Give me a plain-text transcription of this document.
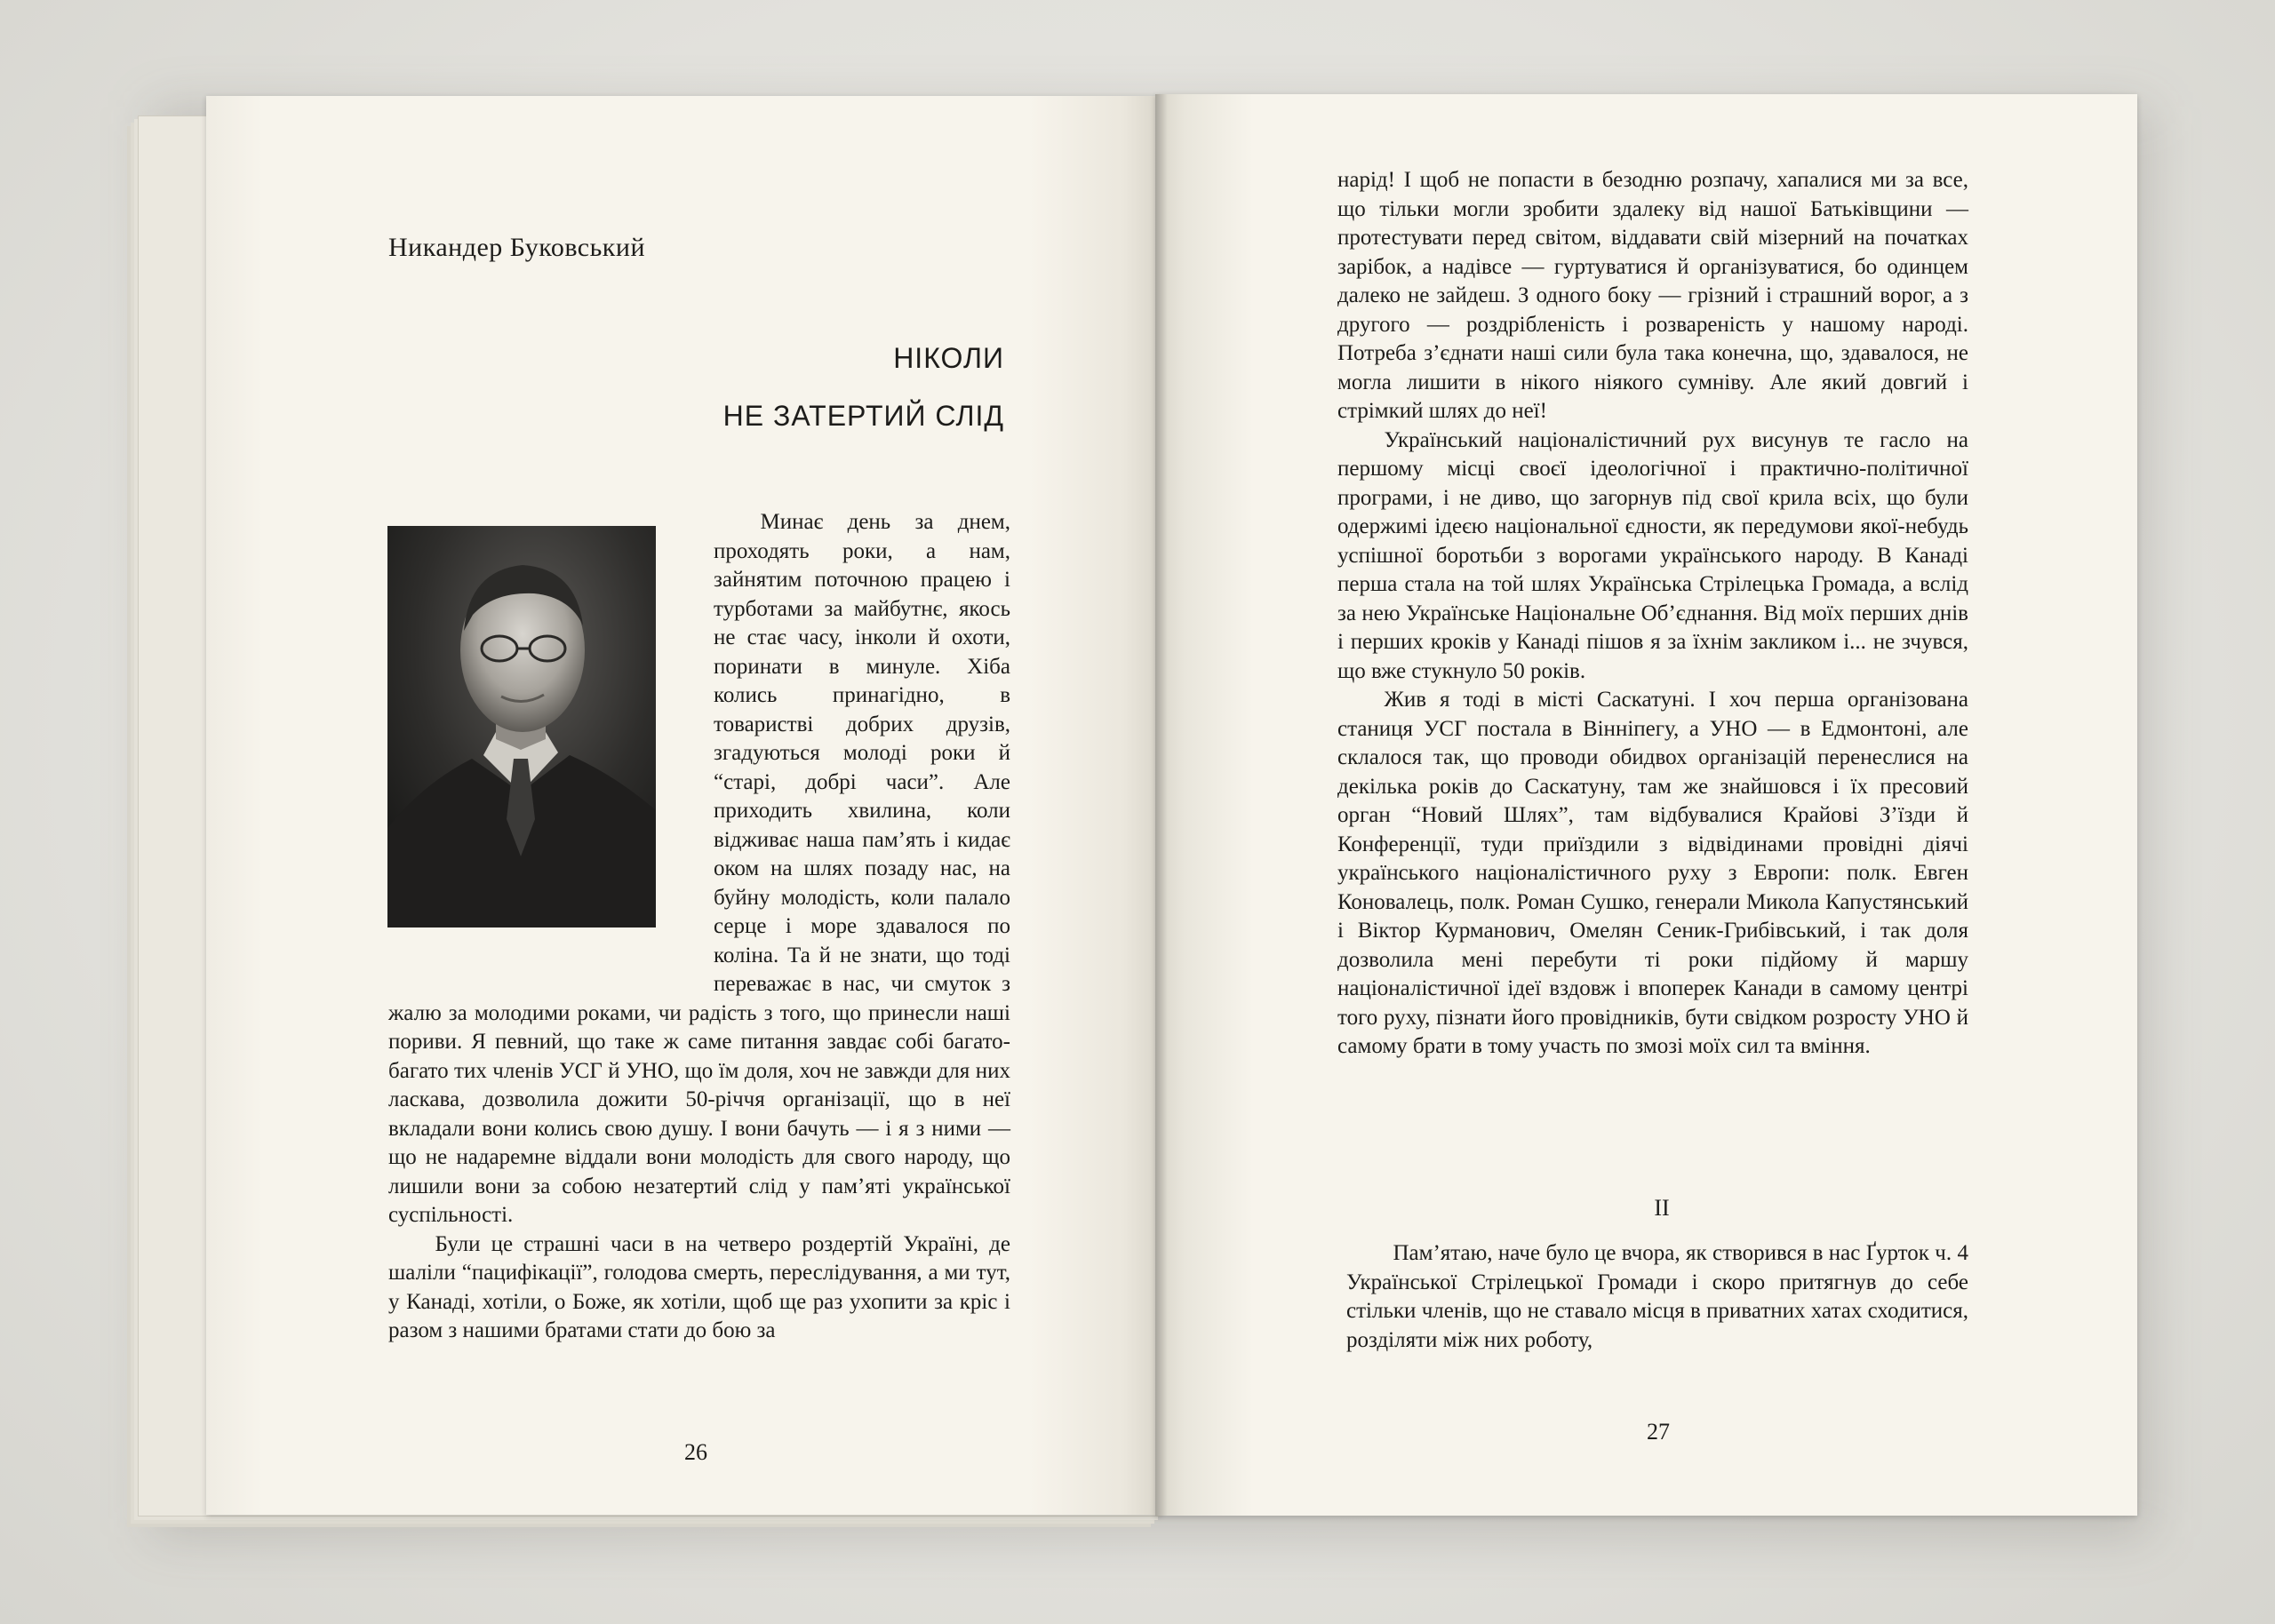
Никандер Буковський

НІКОЛИ
НЕ ЗАТЕРТИЙ СЛІД

Минає день за днем, проходять роки, а нам, зайнятим поточною працею і турботами за майбутнє, якось не стає часу, інколи й охоти, поринати в минуле. Хіба колись принагідно, в товаристві добрих друзів, згадуються молоді роки й “старі, добрі часи”. Але приходить хвилина, коли відживає наша пам’ять і кидає оком на шлях позаду нас, на буйну молодість, коли палало серце і море здавалося по коліна. Та й не знати, що тоді переважає в нас, чи смуток з жалю за молодими роками, чи радість з того, що принесли наші пориви. Я певний, що таке ж саме питання завдає собі багато-багато тих членів УСГ й УНО, що їм доля, хоч не завжди для них ласкава, дозволила дожити 50-річчя організації, що в неї вкладали вони колись свою душу. І вони бачуть — і я з ними — що не надаремне віддали вони молодість для свого народу, що лишили вони за собою незатертий слід у пам’яті української суспільності.

Були це страшні часи в на четверо роздертій Україні, де шаліли “пацифікації”, голодова смерть, переслідування, а ми тут, у Канаді, хотіли, о Боже, як хотіли, щоб ще раз ухопити за кріс і разом з нашими братами стати до бою за

26

нарід! І щоб не попасти в безодню розпачу, хапалися ми за все, що тільки могли зробити здалеку від нашої Батьківщини — протестувати перед світом, віддавати свій мізерний на початках зарібок, а надівсе — гуртуватися й організуватися, бо одинцем далеко не зайдеш. З одного боку — грізний і страшний ворог, а з другого — роздрібленість і розвареність у нашому народі. Потреба з’єднати наші сили була така конечна, що, здавалося, не могла лишити в нікого ніякого сумніву. Але який довгий і стрімкий шлях до неї!

Український націоналістичний рух висунув те гасло на першому місці своєї ідеологічної і практично-політичної програми, і не диво, що загорнув під свої крила всіх, що були одержимі ідеєю національної єдности, як передумови якої-небудь успішної боротьби з ворогами українського народу. В Канаді перша стала на той шлях Українська Стрілецька Громада, а вслід за нею Українське Національне Об’єднання. Від моїх перших днів і перших кроків у Канаді пішов я за їхнім закликом і... не зчувся, що вже стукнуло 50 років.

Жив я тоді в місті Саскатуні. І хоч перша організована станиця УСГ постала в Вінніпегу, а УНО — в Едмонтоні, але склалося так, що проводи обидвох організацій перенеслися на декілька років до Саскатуну, там же знайшовся і їх пресовий орган “Новий Шлях”, там відбувалися Крайові З’їзди й Конференції, туди приїздили з відвідинами провідні діячі українського націоналістичного руху з Европи: полк. Евген Коновалець, полк. Роман Сушко, генерали Микола Капустянський і Віктор Курманович, Омелян Сеник-Грибівський, і так доля дозволила мені перебути ті роки підйому й маршу націоналістичної ідеї вздовж і впоперек Канади в самому центрі того руху, пізнати його провідників, бути свідком розросту УНО й самому брати в тому участь по змозі моїх сил та вміння.

II

Пам’ятаю, наче було це вчора, як створився в нас Ґурток ч. 4 Української Стрілецької Громади і скоро притягнув до себе стільки членів, що не ставало місця в приватних хатах сходитися, розділяти між них роботу,

27
